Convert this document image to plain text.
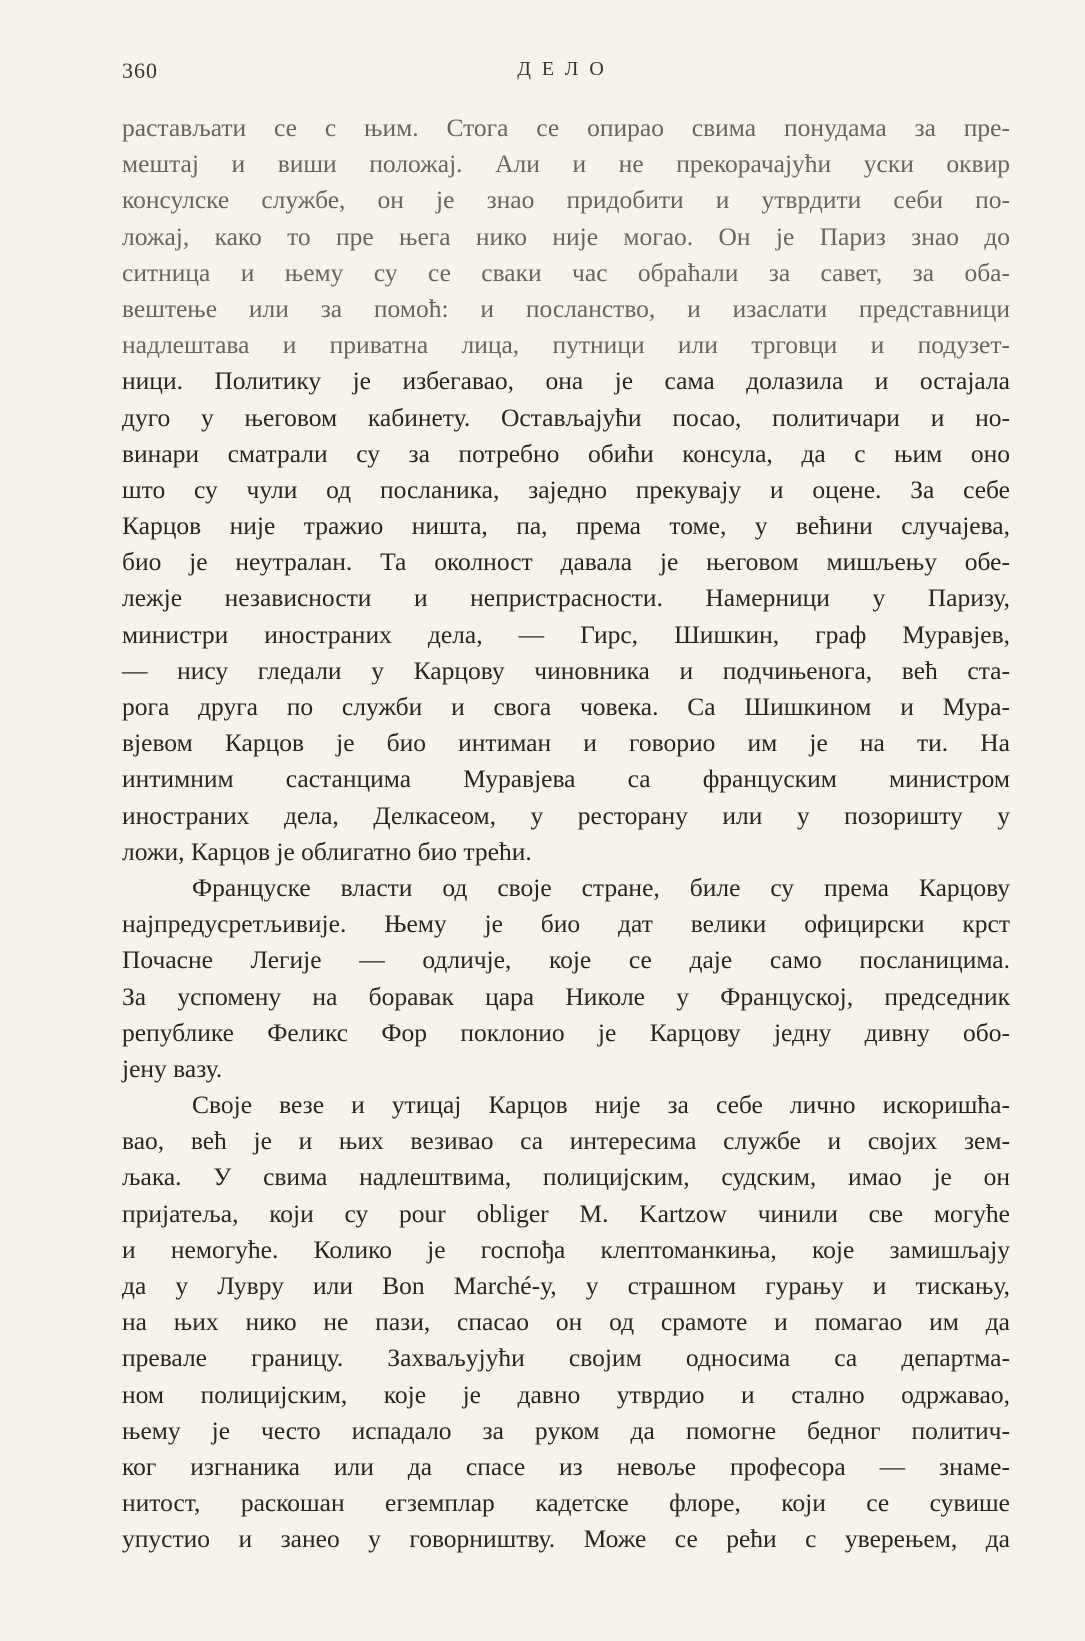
360	ДЕЛО

растављати се с њим. Стога се опирао свима понудама за пре-
мештај и виши положај. Али и не прекорачајући уски оквир
консулске службе, он је знао придобити и утврдити себи по-
ложај, како то пре њега нико није могао. Он је Париз знао до
ситница и њему су се сваки час обраћали за савет, за оба-
вештење или за помоћ: и посланство, и изаслати представници
надлештава и приватна лица, путници или трговци и подузет-
ници. Политику је избегавао, она је сама долазила и остајала
дуго у његовом кабинету. Остављајући посао, политичари и но-
винари сматрали су за потребно обићи консула, да с њим оно
што су чули од посланика, заједно прекувају и оцене. За себе
Карцов није тражио ништа, па, према томе, у већини случајева,
био је неутралан. Та околност давала је његовом мишљењу обе-
лежје независности и непристрасности. Намерници у Паризу,
министри иностраних дела, — Гирс, Шишкин, граф Муравјев,
— нису гледали у Карцову чиновника и подчињенога, већ ста-
рога друга по служби и свога човека. Са Шишкином и Мура-
вјевом Карцов је био интиман и говорио им је на ти. На
интимним састанцима Муравјева са француским министром
иностраних дела, Делкасеом, у ресторану или у позоришту у
ложи, Карцов је облигатно био трећи.

Француске власти од своје стране, биле су према Карцову
најпредусретљивије. Њему је био дат велики официрски крст
Почасне Легије — одличје, које се даје само посланицима.
За успомену на боравак цара Николе у Француској, председник
републике Феликс Фор поклонио је Карцову једну дивну обо-
јену вазу.

Своје везе и утицај Карцов није за себе лично искоришћа-
вао, већ је и њих везивао са интересима службе и својих зем-
љака. У свима надлештвима, полицијским, судским, имао је он
пријатеља, који су pour obliger M. Kartzow чинили све могуће
и немогуће. Колико је госпођа клептоманкиња, које замишљају
да у Лувру или Bon Marché-у, у страшном гурању и тискању,
на њих нико не пази, спасао он од срамоте и помагао им да
превале границу. Захваљујући својим односима са департма-
ном полицијским, које је давно утврдио и стално одржавао,
њему је често испадало за руком да помогне бедног политич-
ког изгнаника или да спасе из невоље професора — знаме-
нитост, раскошан егземплар кадетске флоре, који се сувише
упустио и занео у говорништву. Може се рећи с уверењем, да
